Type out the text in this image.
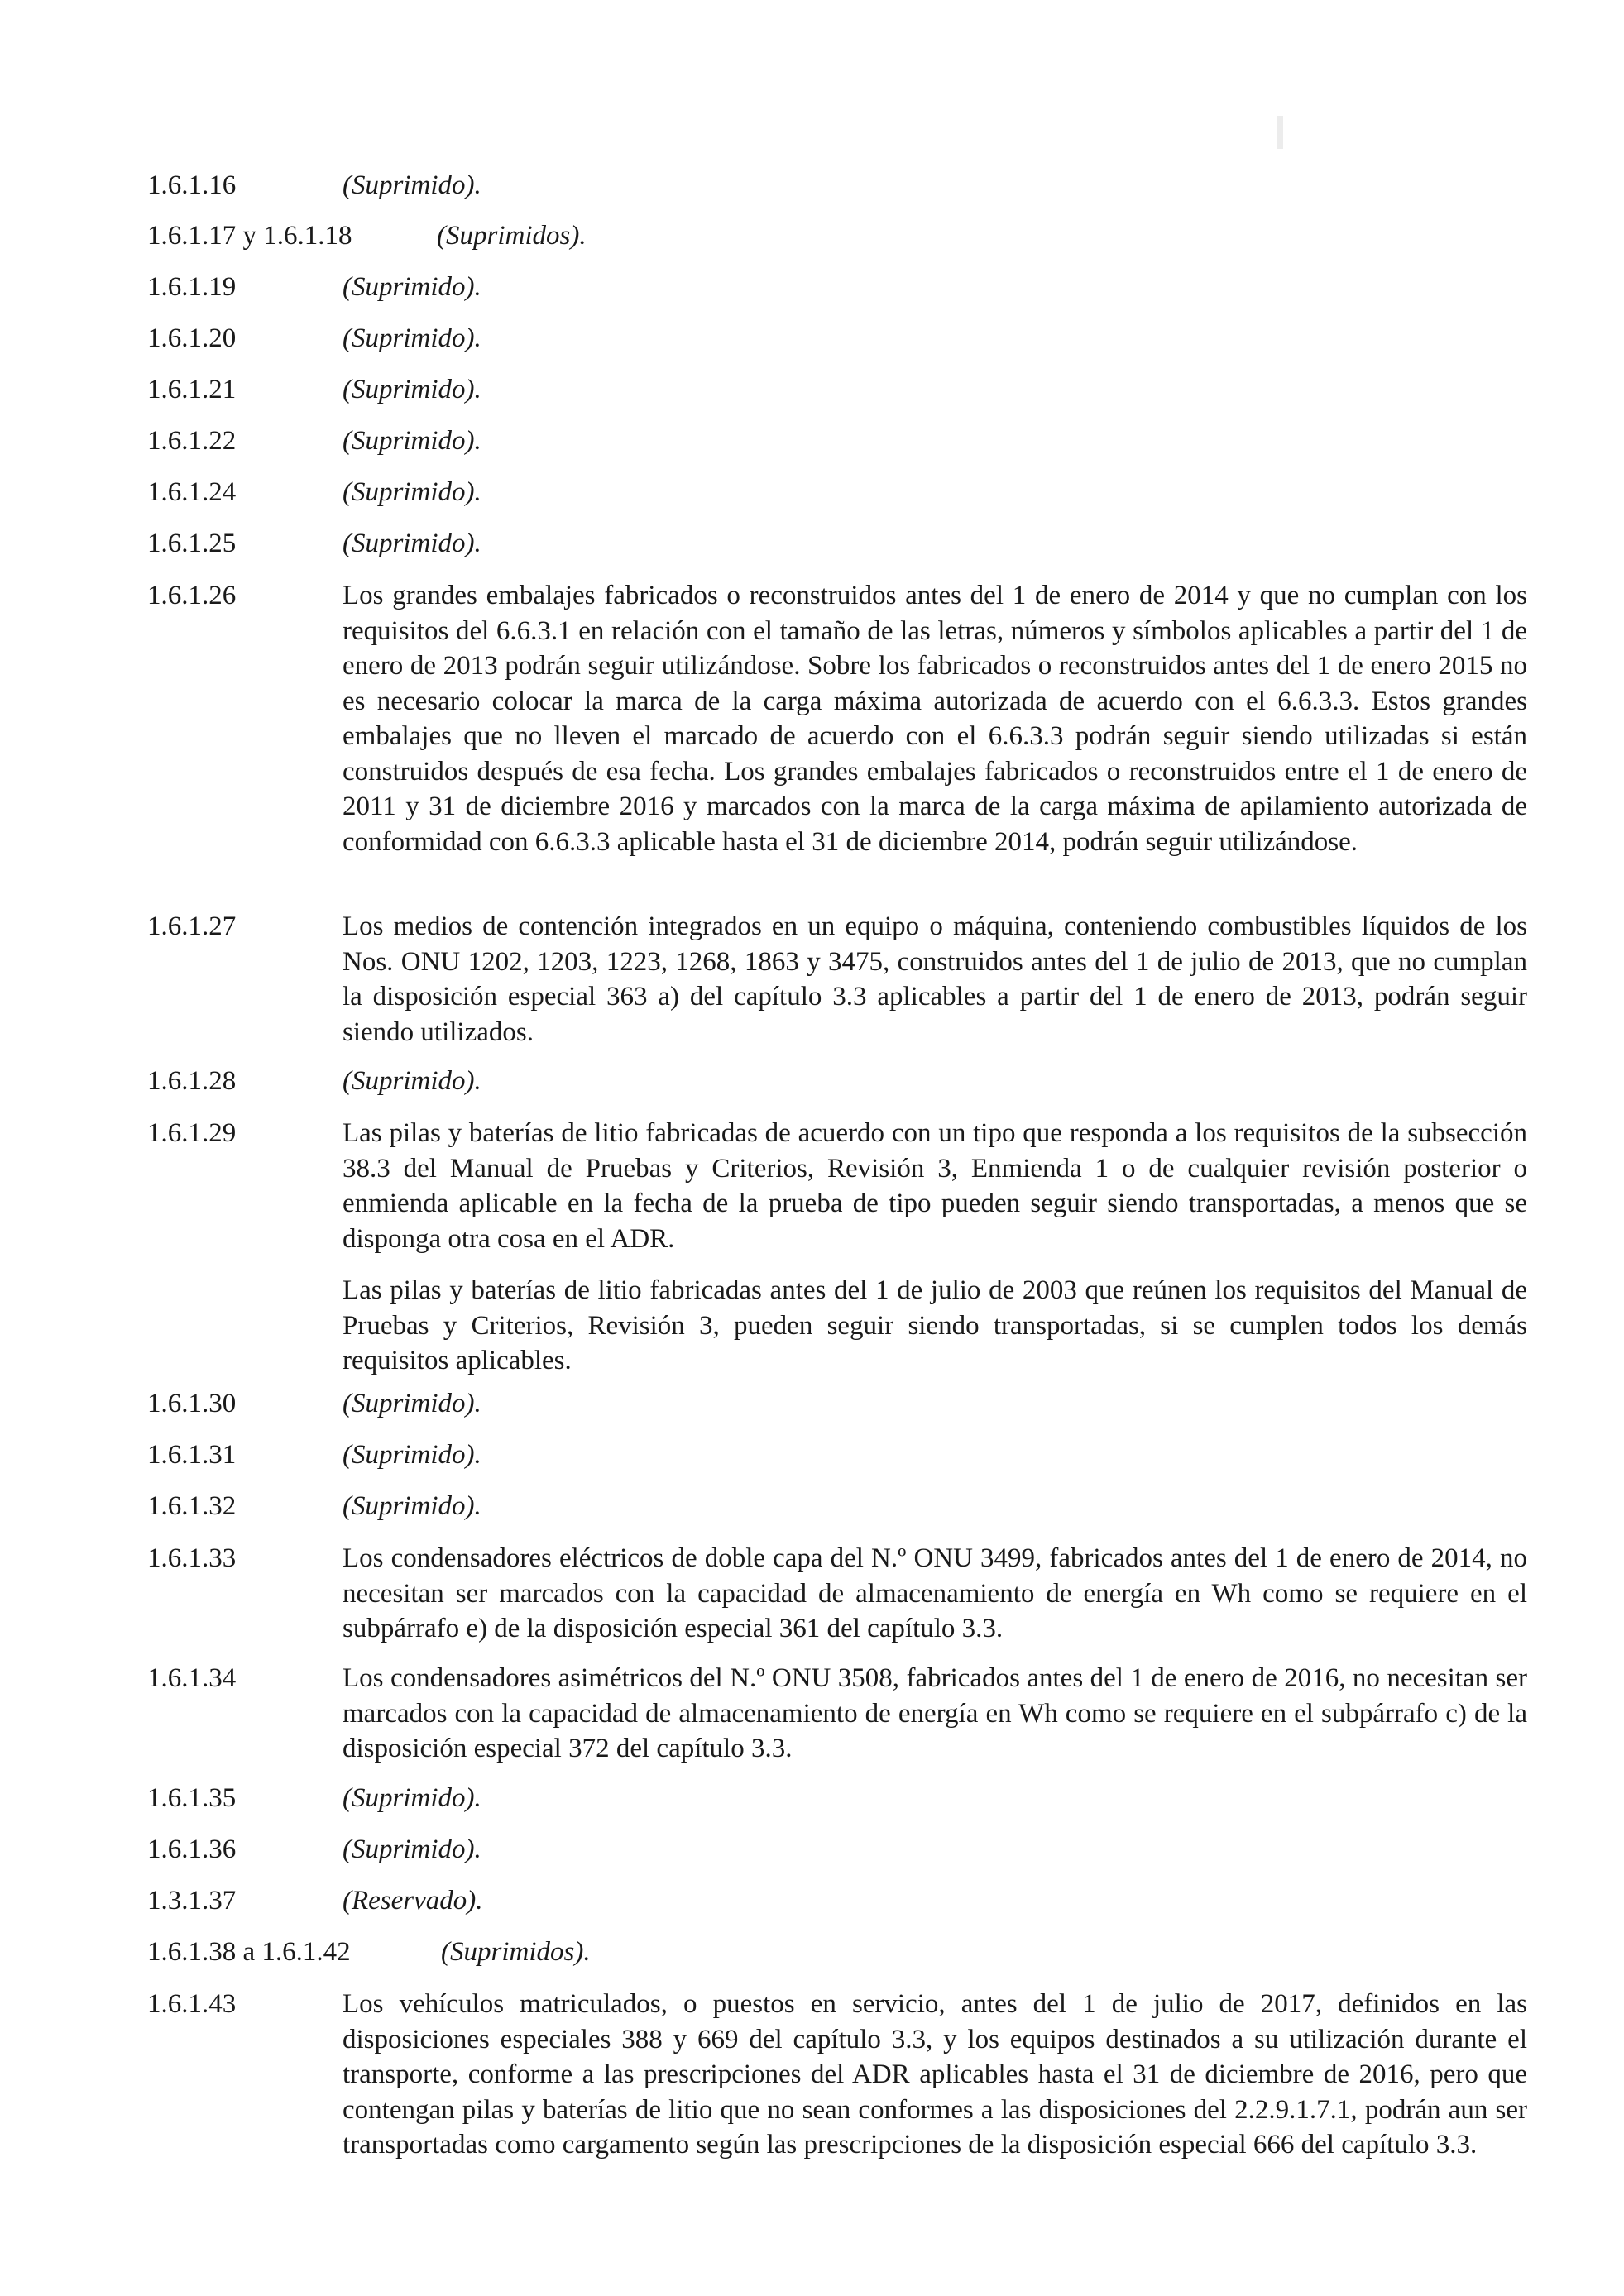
1.6.1.16	(Suprimido).
1.6.1.17 y 1.6.1.18	(Suprimidos).
1.6.1.19	(Suprimido).
1.6.1.20	(Suprimido).
1.6.1.21	(Suprimido).
1.6.1.22	(Suprimido).
1.6.1.24	(Suprimido).
1.6.1.25	(Suprimido).
1.6.1.26	Los grandes embalajes fabricados o reconstruidos antes del 1 de enero de 2014 y que no cumplan con los requisitos del 6.6.3.1 en relación con el tamaño de las letras, números y símbolos aplicables a partir del 1 de enero de 2013 podrán seguir utilizándose. Sobre los fabricados o reconstruidos antes del 1 de enero 2015 no es necesario colocar la marca de la carga máxima autorizada de acuerdo con el 6.6.3.3. Estos grandes embalajes que no lleven el marcado de acuerdo con el 6.6.3.3 podrán seguir siendo utilizadas si están construidos después de esa fecha. Los grandes embalajes fabricados o reconstruidos entre el 1 de enero de 2011 y 31 de diciembre 2016 y marcados con la marca de la carga máxima de apilamiento autorizada de conformidad con 6.6.3.3 aplicable hasta el 31 de diciembre 2014, podrán seguir utilizándose.
1.6.1.27	Los medios de contención integrados en un equipo o máquina, conteniendo combustibles líquidos de los Nos. ONU 1202, 1203, 1223, 1268, 1863 y 3475, construidos antes del 1 de julio de 2013, que no cumplan la disposición especial 363 a) del capítulo 3.3 aplicables a partir del 1 de enero de 2013, podrán seguir siendo utilizados.
1.6.1.28	(Suprimido).
1.6.1.29	Las pilas y baterías de litio fabricadas de acuerdo con un tipo que responda a los requisitos de la subsección 38.3 del Manual de Pruebas y Criterios, Revisión 3, Enmienda 1 o de cualquier revisión posterior o enmienda aplicable en la fecha de la prueba de tipo pueden seguir siendo transportadas, a menos que se disponga otra cosa en el ADR.
Las pilas y baterías de litio fabricadas antes del 1 de julio de 2003 que reúnen los requisitos del Manual de Pruebas y Criterios, Revisión 3, pueden seguir siendo transportadas, si se cumplen todos los demás requisitos aplicables.
1.6.1.30	(Suprimido).
1.6.1.31	(Suprimido).
1.6.1.32	(Suprimido).
1.6.1.33	Los condensadores eléctricos de doble capa del N.º ONU 3499, fabricados antes del 1 de enero de 2014, no necesitan ser marcados con la capacidad de almacenamiento de energía en Wh como se requiere en el subpárrafo e) de la disposición especial 361 del capítulo 3.3.
1.6.1.34	Los condensadores asimétricos del N.º ONU 3508, fabricados antes del 1 de enero de 2016, no necesitan ser marcados con la capacidad de almacenamiento de energía en Wh como se requiere en el subpárrafo c) de la disposición especial 372 del capítulo 3.3.
1.6.1.35	(Suprimido).
1.6.1.36	(Suprimido).
1.3.1.37	(Reservado).
1.6.1.38 a 1.6.1.42	(Suprimidos).
1.6.1.43	Los vehículos matriculados, o puestos en servicio, antes del 1 de julio de 2017, definidos en las disposiciones especiales 388 y 669 del capítulo 3.3, y los equipos destinados a su utilización durante el transporte, conforme a las prescripciones del ADR aplicables hasta el 31 de diciembre de 2016, pero que contengan pilas y baterías de litio que no sean conformes a las disposiciones del 2.2.9.1.7.1, podrán aun ser transportadas como cargamento según las prescripciones de la disposición especial 666 del capítulo 3.3.
